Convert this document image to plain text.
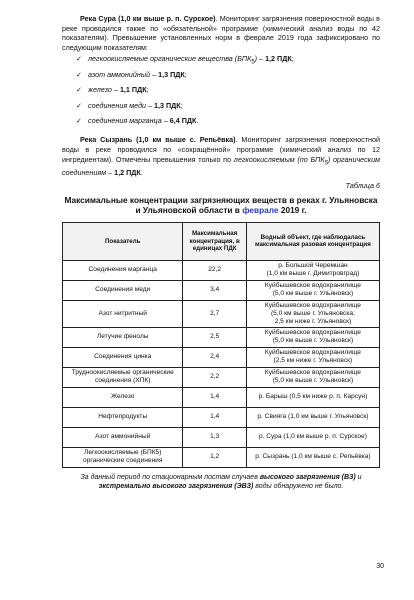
Река Сура (1,0 км выше р. п. Сурское). Мониторинг загрязнения поверхностной воды в реке проводился также по «обязательной» программе (химический анализ воды по 42 показателям). Превышение установленных норм в феврале 2019 года зафиксировано по следующим показателям:

✓ легкоокисляемые органические вещества $(БПК_5) - 1,2$ ПДК;
✓ азот аммонийный – 1,3 ПДК;
✓ железо – 1,1 ПДК;
✓ соединения меди – 1,3 ПДК;
✓ соединения марганца – 6,4 ПДК.

Река Сызрань (1,0 км выше с. Репьёвка). Мониторинг загрязнения поверхностной воды в реке проводился по «сокращённой» программе (химический анализ по 12 ингредиентам). Отмечены превышения только по легкоокисляемым (по $БПК_5$) органическим соединениям – 1,2 ПДК.

Таблица 6
Максимальные концентрации загрязняющих веществ в реках г. Ульяновска и Ульяновской области в феврале 2019 г.
Показатель	Максимальная концентрация, в единицах ПДК	Водный объект, где наблюдалась максимальная разовая концентрация
Соединения марганца	22,2	р. Большой Черемшан
(1,0 км выше г. Димитровград)
Соединения меди	3,4	Куйбышевское водохранилище
(5,0 км выше г. Ульяновск)
Азот нитритный	2,7	Куйбышевское водохранилище
(5,0 км выше г. Ульяновска;
2,5 км ниже г. Ульяновск)
Летучие фенолы	2,5	Куйбышевское водохранилище
(5,0 км выше г. Ульяновск)
Соединения цинка	2,4	Куйбышевское водохранилище
(2,5 км ниже г. Ульяновск)
Трудноокисляемые органические соединения (ХПК)	2,2	Куйбышевское водохранилище
(5,0 км выше г. Ульяновск)
Железо	1,4	р. Барыш (0,5 км ниже р. п. Карсун)
Нефтепродукты	1,4	р. Свияга (1,0 км выше г. Ульяновск)
Азот аммонийный	1,3	р. Сура (1,0 км выше р. п. Сурское)
Легкоокисляемые (БПК5) органические соединения	1,2	р. Сызрань (1,0 км выше с. Репьёвка)

За данный период по стационарным постам случаев высокого загрязнения (ВЗ) и экстремально высокого загрязнения (ЭВЗ) воды обнаружено не было.

30
